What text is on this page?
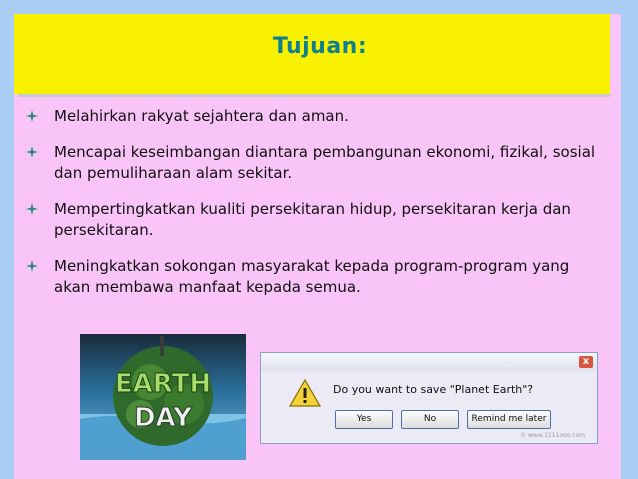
Tujuan:
Melahirkan rakyat sejahtera dan aman.
Mencapai keseimbangan diantara pembangunan ekonomi, fizikal, sosial dan pemuliharaan alam sekitar.
Mempertingkatkan kualiti persekitaran hidup, persekitaran kerja dan persekitaran.
Meningkatkan sokongan masyarakat kepada program-program yang akan membawa manfaat kepada semua.
EARTH
DAY
x
Do you want to save "Planet Earth"?
Yes	No	Remind me later
© www.1111ooo.com
